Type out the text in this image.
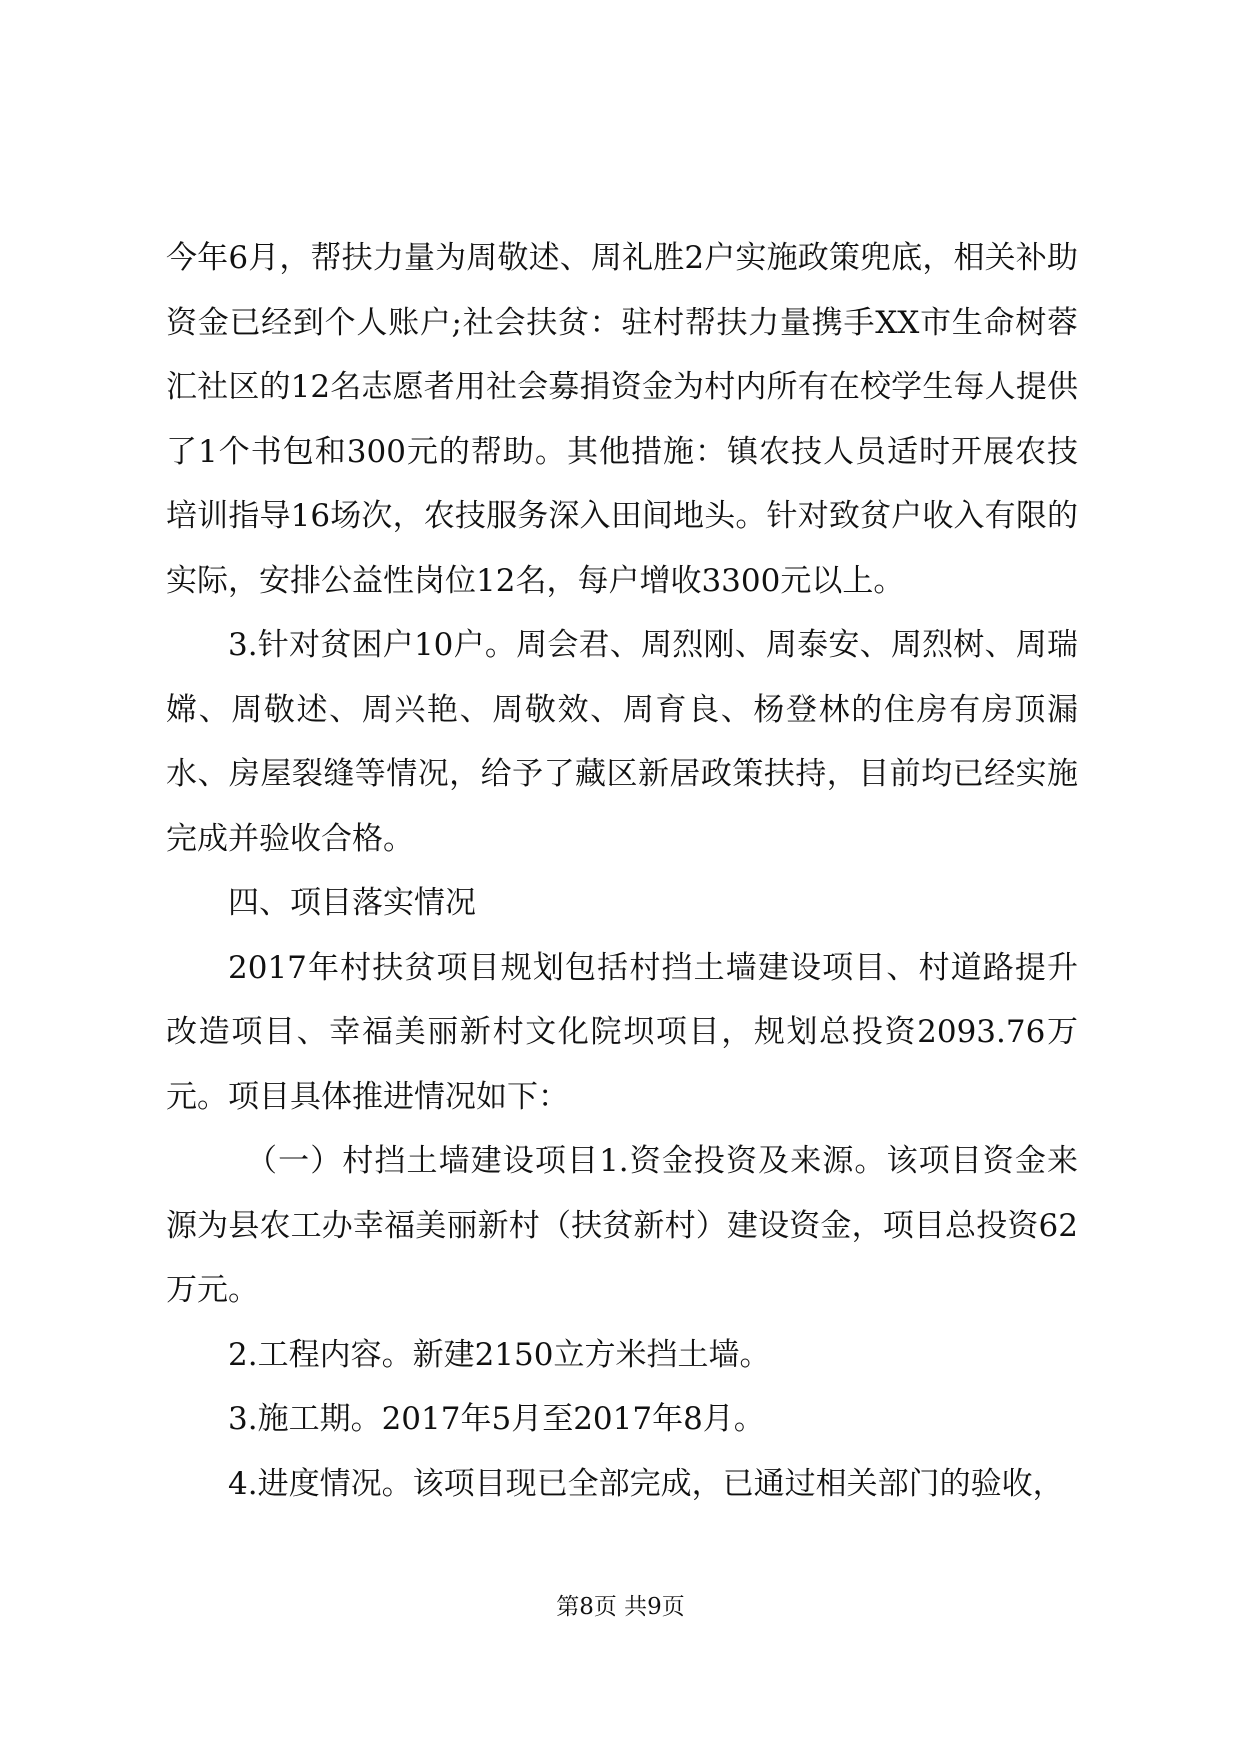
今年6月，帮扶力量为周敬述、周礼胜2户实施政策兜底，相关补助资金已经到个人账户;社会扶贫：驻村帮扶力量携手XX市生命树蓉汇社区的12名志愿者用社会募捐资金为村内所有在校学生每人提供了1个书包和300元的帮助。其他措施：镇农技人员适时开展农技培训指导16场次，农技服务深入田间地头。针对致贫户收入有限的实际，安排公益性岗位12名，每户增收3300元以上。

3.针对贫困户10户。周会君、周烈刚、周泰安、周烈树、周瑞嫦、周敬述、周兴艳、周敬效、周育良、杨登林的住房有房顶漏水、房屋裂缝等情况，给予了藏区新居政策扶持，目前均已经实施完成并验收合格。

四、项目落实情况

2017年村扶贫项目规划包括村挡土墙建设项目、村道路提升改造项目、幸福美丽新村文化院坝项目，规划总投资2093.76万元。项目具体推进情况如下：

（一）村挡土墙建设项目1.资金投资及来源。该项目资金来源为县农工办幸福美丽新村（扶贫新村）建设资金，项目总投资62万元。

2.工程内容。新建2150立方米挡土墙。

3.施工期。2017年5月至2017年8月。

4.进度情况。该项目现已全部完成，已通过相关部门的验收，

第8页 共9页
